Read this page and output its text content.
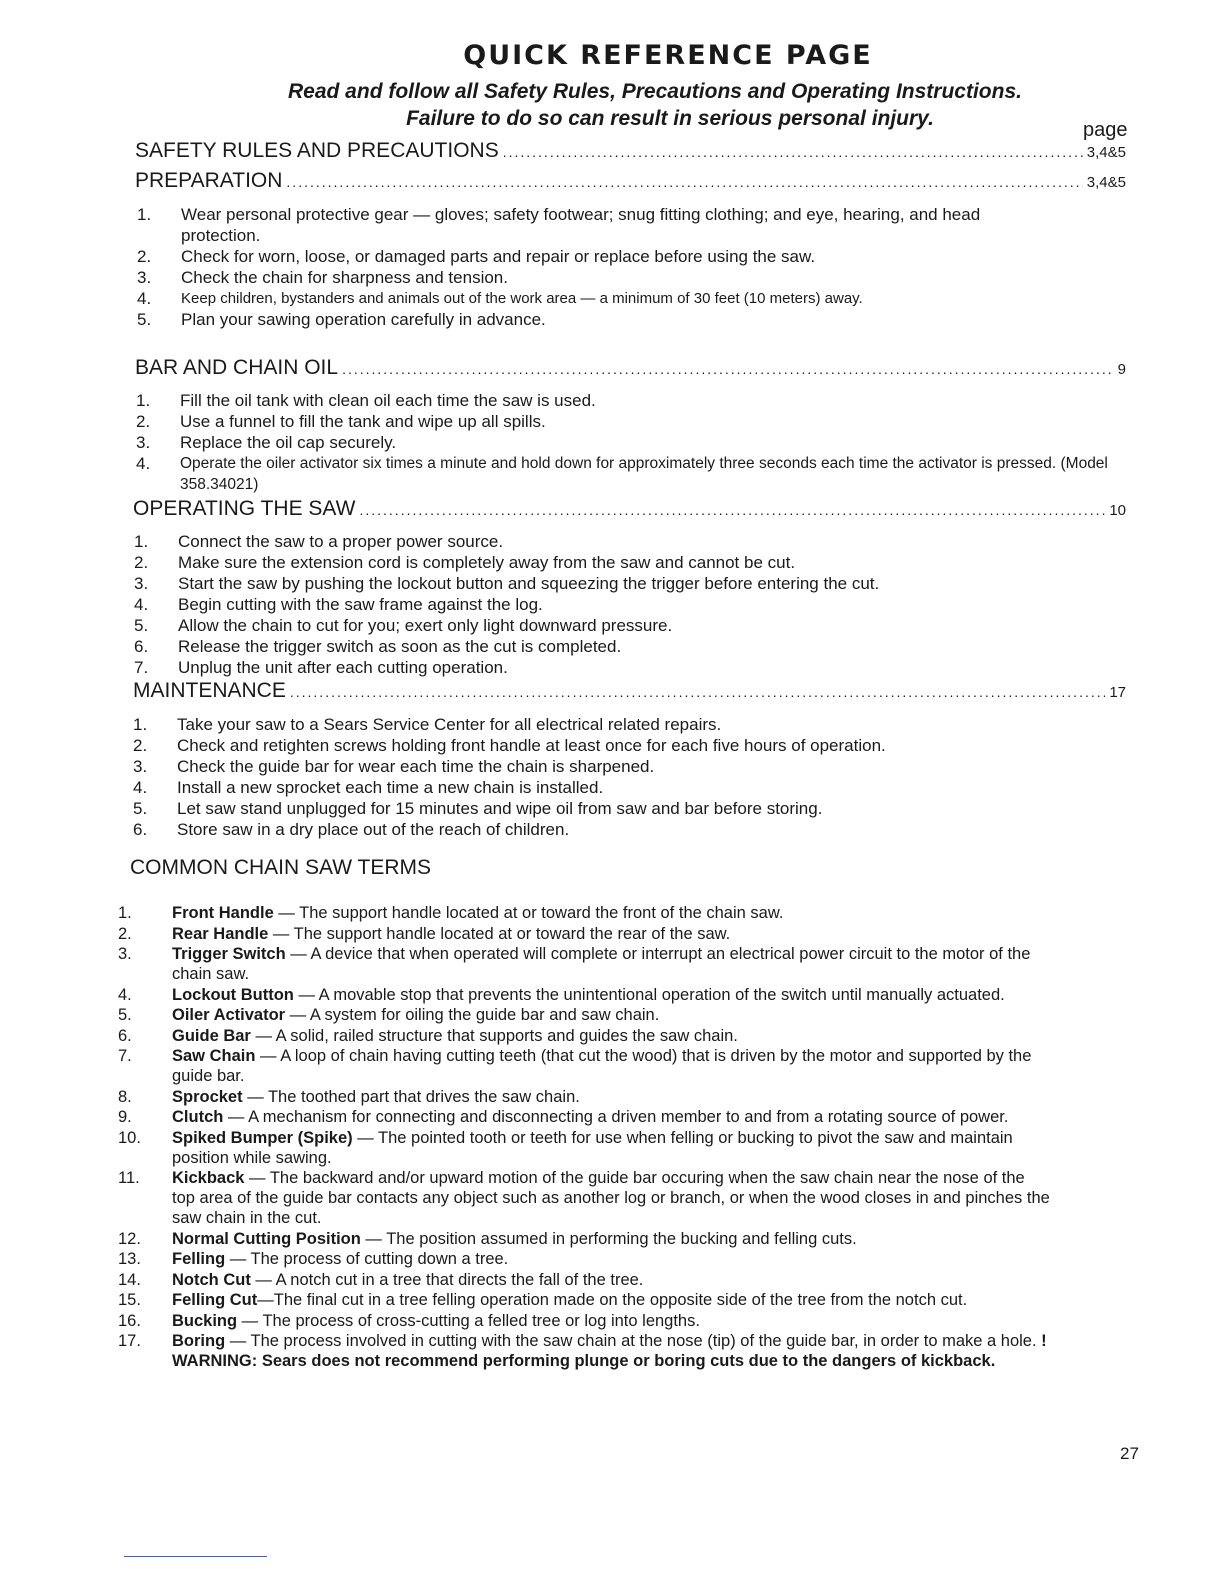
QUICK REFERENCE PAGE
Read and follow all Safety Rules, Precautions and Operating Instructions.
Failure to do so can result in serious personal injury.	page
SAFETY RULES AND PRECAUTIONS .....	3,4&5
PREPARATION .....	3,4&5
1. Wear personal protective gear — gloves; safety footwear; snug fitting clothing; and eye, hearing, and head protection.
2. Check for worn, loose, or damaged parts and repair or replace before using the saw.
3. Check the chain for sharpness and tension.
4. Keep children, bystanders and animals out of the work area — a minimum of 30 feet (10 meters) away.
5. Plan your sawing operation carefully in advance.
BAR AND CHAIN OIL .....	9
1. Fill the oil tank with clean oil each time the saw is used.
2. Use a funnel to fill the tank and wipe up all spills.
3. Replace the oil cap securely.
4. Operate the oiler activator six times a minute and hold down for approximately three seconds each time the activator is pressed. (Model 358.34021)
OPERATING THE SAW .....	10
1. Connect the saw to a proper power source.
2. Make sure the extension cord is completely away from the saw and cannot be cut.
3. Start the saw by pushing the lockout button and squeezing the trigger before entering the cut.
4. Begin cutting with the saw frame against the log.
5. Allow the chain to cut for you; exert only light downward pressure.
6. Release the trigger switch as soon as the cut is completed.
7. Unplug the unit after each cutting operation.
MAINTENANCE .....	17
1. Take your saw to a Sears Service Center for all electrical related repairs.
2. Check and retighten screws holding front handle at least once for each five hours of operation.
3. Check the guide bar for wear each time the chain is sharpened.
4. Install a new sprocket each time a new chain is installed.
5. Let saw stand unplugged for 15 minutes and wipe oil from saw and bar before storing.
6. Store saw in a dry place out of the reach of children.
COMMON CHAIN SAW TERMS
1. Front Handle — The support handle located at or toward the front of the chain saw.
2. Rear Handle — The support handle located at or toward the rear of the saw.
3. Trigger Switch — A device that when operated will complete or interrupt an electrical power circuit to the motor of the chain saw.
4. Lockout Button — A movable stop that prevents the unintentional operation of the switch until manually actuated.
5. Oiler Activator — A system for oiling the guide bar and saw chain.
6. Guide Bar — A solid, railed structure that supports and guides the saw chain.
7. Saw Chain — A loop of chain having cutting teeth (that cut the wood) that is driven by the motor and supported by the guide bar.
8. Sprocket — The toothed part that drives the saw chain.
9. Clutch — A mechanism for connecting and disconnecting a driven member to and from a rotating source of power.
10. Spiked Bumper (Spike) — The pointed tooth or teeth for use when felling or bucking to pivot the saw and maintain position while sawing.
11. Kickback — The backward and/or upward motion of the guide bar occuring when the saw chain near the nose of the top area of the guide bar contacts any object such as another log or branch, or when the wood closes in and pinches the saw chain in the cut.
12. Normal Cutting Position — The position assumed in performing the bucking and felling cuts.
13. Felling — The process of cutting down a tree.
14. Notch Cut — A notch cut in a tree that directs the fall of the tree.
15. Felling Cut—The final cut in a tree felling operation made on the opposite side of the tree from the notch cut.
16. Bucking — The process of cross-cutting a felled tree or log into lengths.
17. Boring — The process involved in cutting with the saw chain at the nose (tip) of the guide bar, in order to make a hole. ! WARNING: Sears does not recommend performing plunge or boring cuts due to the dangers of kickback.
27
